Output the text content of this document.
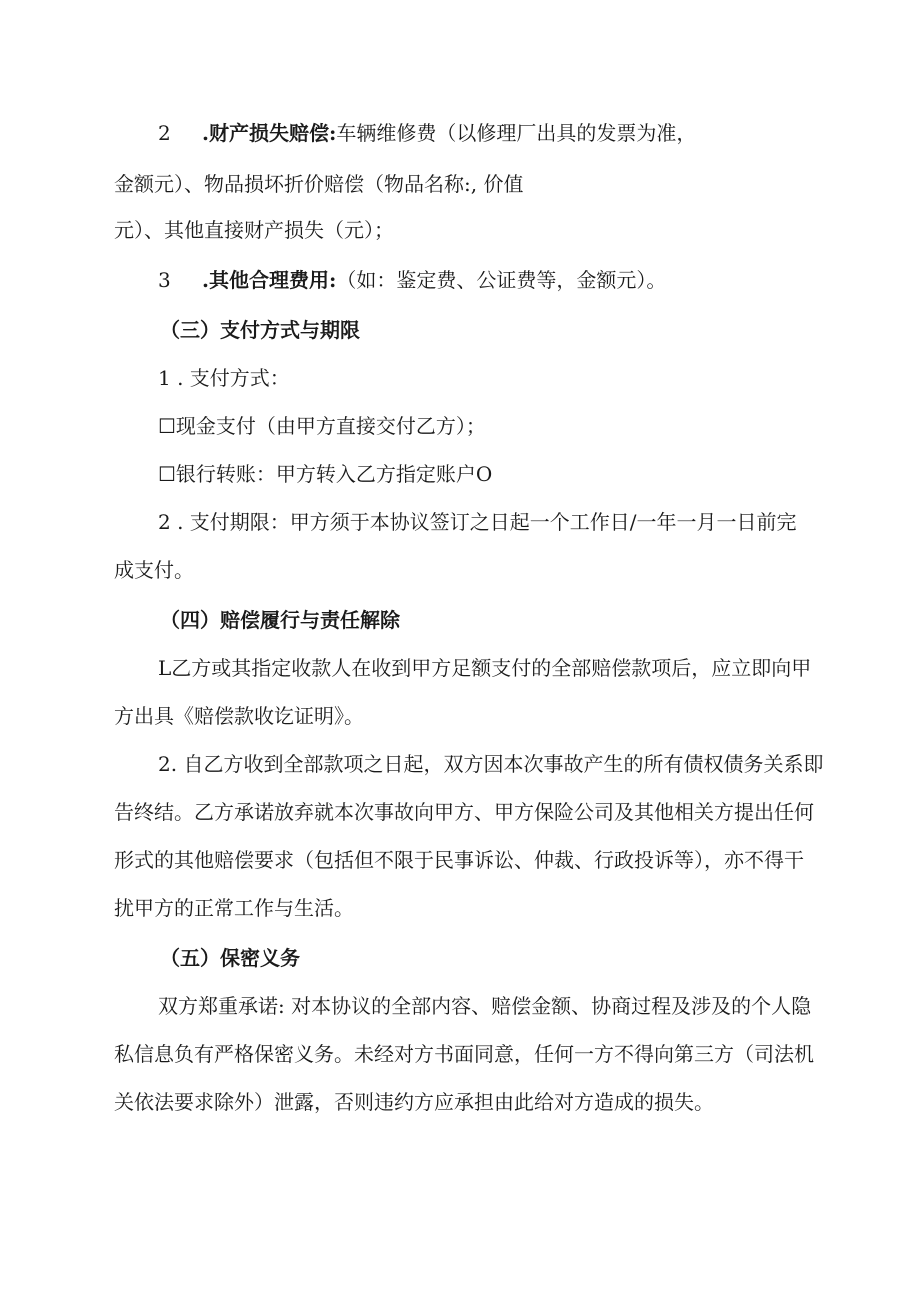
2 .财产损失赔偿:车辆维修费（以修理厂出具的发票为准，
金额元）、物品损坏折价赔偿（物品名称:, 价值
元）、其他直接财产损失（元）；
3 .其他合理费用:（如：鉴定费、公证费等，金额元）。
（三）支付方式与期限
1 . 支付方式：
☐现金支付（由甲方直接交付乙方）；
☐银行转账：甲方转入乙方指定账户O
2 . 支付期限：甲方须于本协议签订之日起一个工作日/一年一月一日前完
成支付。
（四）赔偿履行与责任解除
L乙方或其指定收款人在收到甲方足额支付的全部赔偿款项后，应立即向甲
方出具《赔偿款收讫证明》。
2. 自乙方收到全部款项之日起，双方因本次事故产生的所有债权债务关系即
告终结。乙方承诺放弃就本次事故向甲方、甲方保险公司及其他相关方提出任何
形式的其他赔偿要求（包括但不限于民事诉讼、仲裁、行政投诉等），亦不得干
扰甲方的正常工作与生活。
（五）保密义务
双方郑重承诺: 对本协议的全部内容、赔偿金额、协商过程及涉及的个人隐
私信息负有严格保密义务。未经对方书面同意，任何一方不得向第三方（司法机
关依法要求除外）泄露，否则违约方应承担由此给对方造成的损失。
